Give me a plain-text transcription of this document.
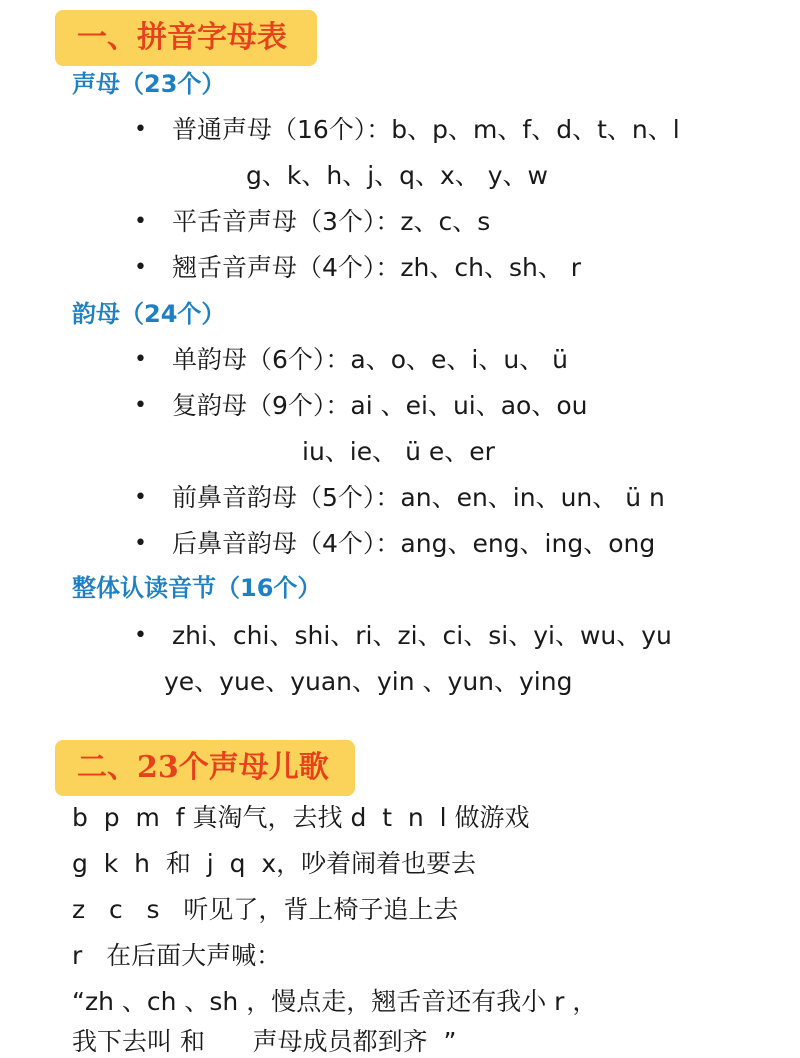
一、拼音字母表
声母（23个）
• 普通声母（16个）：b、p、m、f、d、t、n、l
g、k、h、j、q、x、 y、w
• 平舌音声母（3个）：z、c、s
• 翘舌音声母（4个）：zh、ch、sh、 r
韵母（24个）
• 单韵母（6个）：a、o、e、i、u、 ü
• 复韵母（9个）：ai 、ei、ui、ao、ou
iu、ie、 ü e、er
• 前鼻音韵母（5个）：an、en、in、un、 ü n
• 后鼻音韵母（4个）：ang、eng、ing、ong
整体认读音节（16个）
• zhi、chi、shi、ri、zi、ci、si、yi、wu、yu
ye、yue、yuan、yin 、yun、ying
二、23个声母儿歌
b  p  m  f 真淘气，去找 d  t  n  l 做游戏
g  k  h  和  j  q  x，吵着闹着也要去
z   c   s   听见了，背上椅子追上去
r   在后面大声喊：
“zh 、ch 、sh ，慢点走，翘舌音还有我小 r ，
我下去叫 和      声母成员都到齐  ”
